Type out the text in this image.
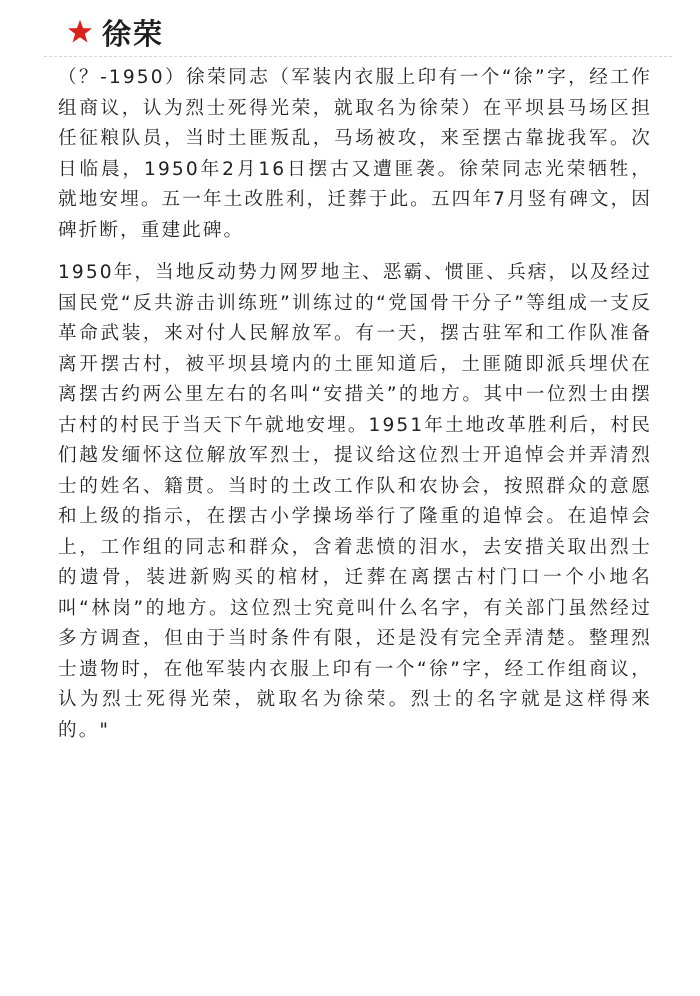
徐荣

（？-1950）徐荣同志（军装内衣服上印有一个“徐”字，经工作组商议，认为烈士死得光荣，就取名为徐荣）在平坝县马场区担任征粮队员，当时土匪叛乱，马场被攻，来至摆古靠拢我军。次日临晨，1950年2月16日摆古又遭匪袭。徐荣同志光荣牺牲，就地安埋。五一年土改胜利，迁葬于此。五四年7月竖有碑文，因碑折断，重建此碑。

1950年，当地反动势力网罗地主、恶霸、惯匪、兵痞，以及经过国民党“反共游击训练班”训练过的“党国骨干分子”等组成一支反革命武装，来对付人民解放军。有一天，摆古驻军和工作队准备离开摆古村，被平坝县境内的土匪知道后，土匪随即派兵埋伏在离摆古约两公里左右的名叫“安措关”的地方。其中一位烈士由摆古村的村民于当天下午就地安埋。1951年土地改革胜利后，村民们越发缅怀这位解放军烈士，提议给这位烈士开追悼会并弄清烈士的姓名、籍贯。当时的土改工作队和农协会，按照群众的意愿和上级的指示，在摆古小学操场举行了隆重的追悼会。在追悼会上，工作组的同志和群众，含着悲愤的泪水，去安措关取出烈士的遗骨，装进新购买的棺材，迁葬在离摆古村门口一个小地名叫“林岗”的地方。这位烈士究竟叫什么名字，有关部门虽然经过多方调查，但由于当时条件有限，还是没有完全弄清楚。整理烈士遗物时，在他军装内衣服上印有一个“徐”字，经工作组商议，认为烈士死得光荣，就取名为徐荣。烈士的名字就是这样得来的。"
